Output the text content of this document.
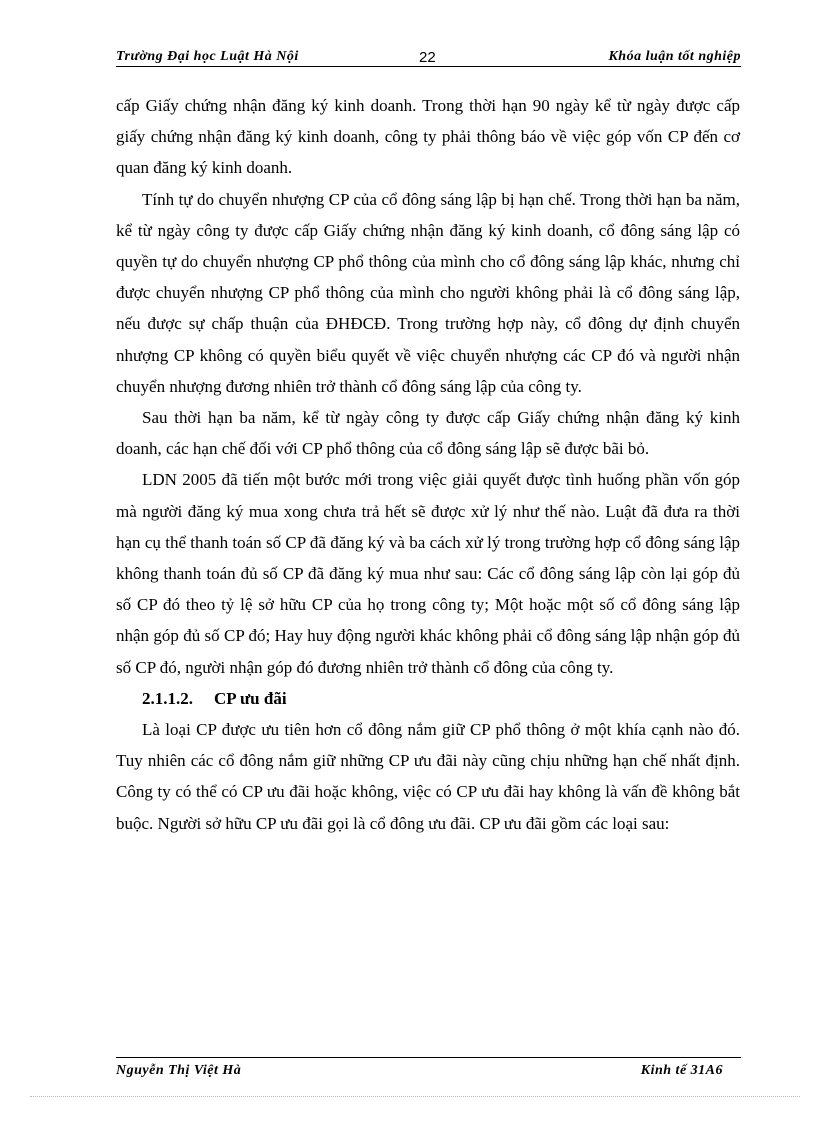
Trường Đại học Luật Hà Nội	22	Khóa luận tốt nghiệp

cấp Giấy chứng nhận đăng ký kinh doanh. Trong thời hạn 90 ngày kể từ ngày được cấp giấy chứng nhận đăng ký kinh doanh, công ty phải thông báo về việc góp vốn CP đến cơ quan đăng ký kinh doanh.

Tính tự do chuyển nhượng CP của cổ đông sáng lập bị hạn chế. Trong thời hạn ba năm, kể từ ngày công ty được cấp Giấy chứng nhận đăng ký kinh doanh, cổ đông sáng lập có quyền tự do chuyển nhượng CP phổ thông của mình cho cổ đông sáng lập khác, nhưng chỉ được chuyển nhượng CP phổ thông của mình cho người không phải là cổ đông sáng lập, nếu được sự chấp thuận của ĐHĐCĐ. Trong trường hợp này, cổ đông dự định chuyển nhượng CP không có quyền biểu quyết về việc chuyển nhượng các CP đó và người nhận chuyển nhượng đương nhiên trở thành cổ đông sáng lập của công ty.

Sau thời hạn ba năm, kể từ ngày công ty được cấp Giấy chứng nhận đăng ký kinh doanh, các hạn chế đối với CP phổ thông của cổ đông sáng lập sẽ được bãi bỏ.

LDN 2005 đã tiến một bước mới trong việc giải quyết được tình huống phần vốn góp mà người đăng ký mua xong chưa trả hết sẽ được xử lý như thế nào. Luật đã đưa ra thời hạn cụ thể thanh toán số CP đã đăng ký và ba cách xử lý trong trường hợp cổ đông sáng lập không thanh toán đủ số CP đã đăng ký mua như sau: Các cổ đông sáng lập còn lại góp đủ số CP đó theo tỷ lệ sở hữu CP của họ trong công ty; Một hoặc một số cổ đông sáng lập nhận góp đủ số CP đó; Hay huy động người khác không phải cổ đông sáng lập nhận góp đủ số CP đó, người nhận góp đó đương nhiên trở thành cổ đông của công ty.

2.1.1.2. CP ưu đãi

Là loại CP được ưu tiên hơn cổ đông nắm giữ CP phổ thông ở một khía cạnh nào đó. Tuy nhiên các cổ đông nắm giữ những CP ưu đãi này cũng chịu những hạn chế nhất định. Công ty có thể có CP ưu đãi hoặc không, việc có CP ưu đãi hay không là vấn đề không bắt buộc. Người sở hữu CP ưu đãi gọi là cổ đông ưu đãi. CP ưu đãi gồm các loại sau:

Nguyễn Thị Việt Hà	Kinh tế 31A6
